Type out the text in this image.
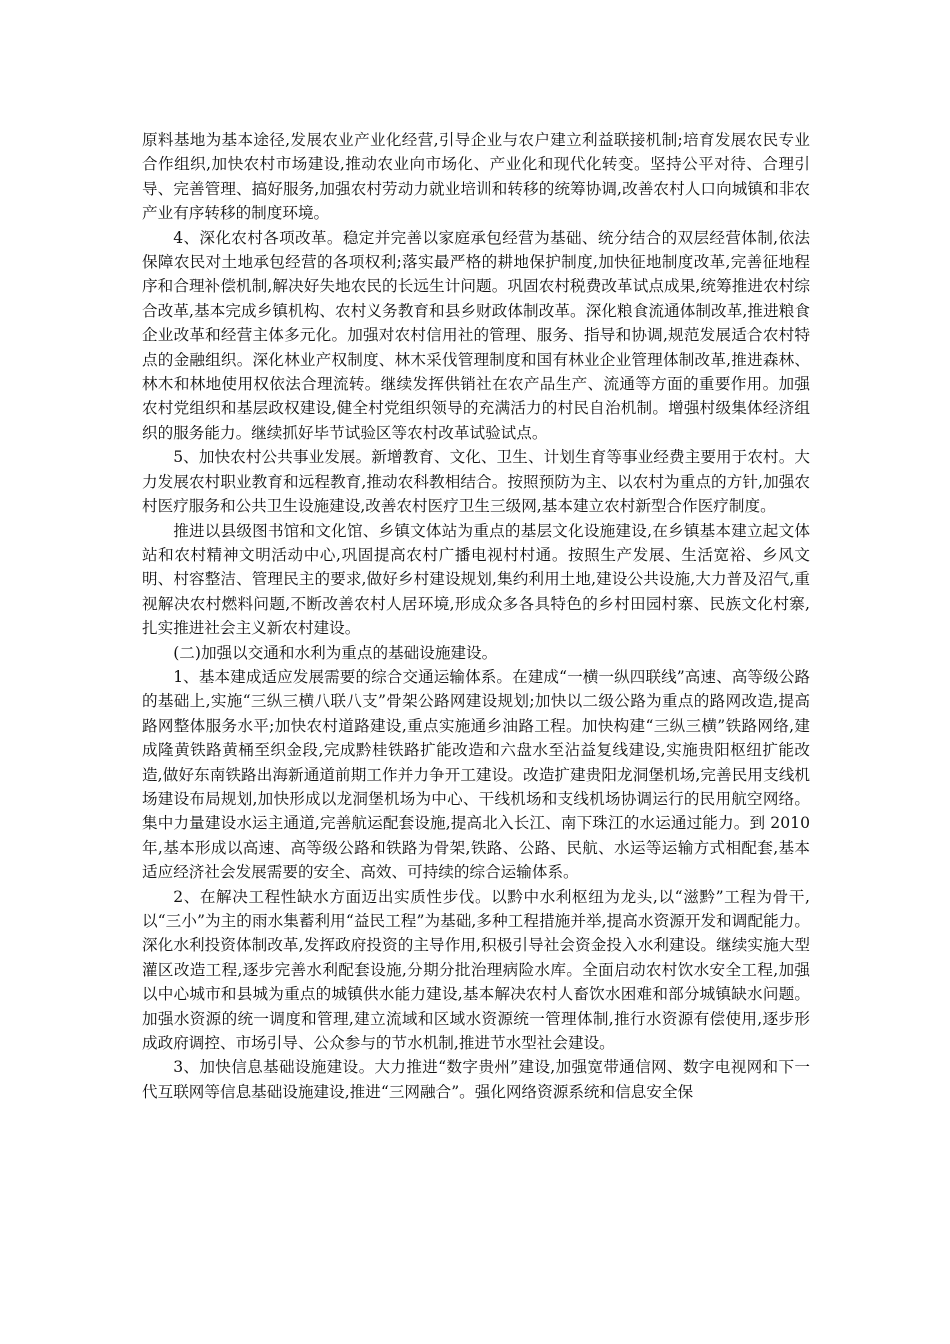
原料基地为基本途径,发展农业产业化经营,引导企业与农户建立利益联接机制;培育发展农民专业合作组织,加快农村市场建设,推动农业向市场化、产业化和现代化转变。坚持公平对待、合理引导、完善管理、搞好服务,加强农村劳动力就业培训和转移的统筹协调,改善农村人口向城镇和非农产业有序转移的制度环境。

4、深化农村各项改革。稳定并完善以家庭承包经营为基础、统分结合的双层经营体制,依法保障农民对土地承包经营的各项权利;落实最严格的耕地保护制度,加快征地制度改革,完善征地程序和合理补偿机制,解决好失地农民的长远生计问题。巩固农村税费改革试点成果,统筹推进农村综合改革,基本完成乡镇机构、农村义务教育和县乡财政体制改革。深化粮食流通体制改革,推进粮食企业改革和经营主体多元化。加强对农村信用社的管理、服务、指导和协调,规范发展适合农村特点的金融组织。深化林业产权制度、林木采伐管理制度和国有林业企业管理体制改革,推进森林、林木和林地使用权依法合理流转。继续发挥供销社在农产品生产、流通等方面的重要作用。加强农村党组织和基层政权建设,健全村党组织领导的充满活力的村民自治机制。增强村级集体经济组织的服务能力。继续抓好毕节试验区等农村改革试验试点。

5、加快农村公共事业发展。新增教育、文化、卫生、计划生育等事业经费主要用于农村。大力发展农村职业教育和远程教育,推动农科教相结合。按照预防为主、以农村为重点的方针,加强农村医疗服务和公共卫生设施建设,改善农村医疗卫生三级网,基本建立农村新型合作医疗制度。

推进以县级图书馆和文化馆、乡镇文体站为重点的基层文化设施建设,在乡镇基本建立起文体站和农村精神文明活动中心,巩固提高农村广播电视村村通。按照生产发展、生活宽裕、乡风文明、村容整洁、管理民主的要求,做好乡村建设规划,集约利用土地,建设公共设施,大力普及沼气,重视解决农村燃料问题,不断改善农村人居环境,形成众多各具特色的乡村田园村寨、民族文化村寨,扎实推进社会主义新农村建设。

(二)加强以交通和水利为重点的基础设施建设。

1、基本建成适应发展需要的综合交通运输体系。在建成“一横一纵四联线”高速、高等级公路的基础上,实施“三纵三横八联八支”骨架公路网建设规划;加快以二级公路为重点的路网改造,提高路网整体服务水平;加快农村道路建设,重点实施通乡油路工程。加快构建“三纵三横”铁路网络,建成隆黄铁路黄桶至织金段,完成黔桂铁路扩能改造和六盘水至沾益复线建设,实施贵阳枢纽扩能改造,做好东南铁路出海新通道前期工作并力争开工建设。改造扩建贵阳龙洞堡机场,完善民用支线机场建设布局规划,加快形成以龙洞堡机场为中心、干线机场和支线机场协调运行的民用航空网络。集中力量建设水运主通道,完善航运配套设施,提高北入长江、南下珠江的水运通过能力。到 2010 年,基本形成以高速、高等级公路和铁路为骨架,铁路、公路、民航、水运等运输方式相配套,基本适应经济社会发展需要的安全、高效、可持续的综合运输体系。

2、在解决工程性缺水方面迈出实质性步伐。以黔中水利枢纽为龙头,以“滋黔”工程为骨干,以“三小”为主的雨水集蓄利用“益民工程”为基础,多种工程措施并举,提高水资源开发和调配能力。深化水利投资体制改革,发挥政府投资的主导作用,积极引导社会资金投入水利建设。继续实施大型灌区改造工程,逐步完善水利配套设施,分期分批治理病险水库。全面启动农村饮水安全工程,加强以中心城市和县城为重点的城镇供水能力建设,基本解决农村人畜饮水困难和部分城镇缺水问题。加强水资源的统一调度和管理,建立流域和区域水资源统一管理体制,推行水资源有偿使用,逐步形成政府调控、市场引导、公众参与的节水机制,推进节水型社会建设。

3、加快信息基础设施建设。大力推进“数字贵州”建设,加强宽带通信网、数字电视网和下一代互联网等信息基础设施建设,推进“三网融合”。强化网络资源系统和信息安全保
